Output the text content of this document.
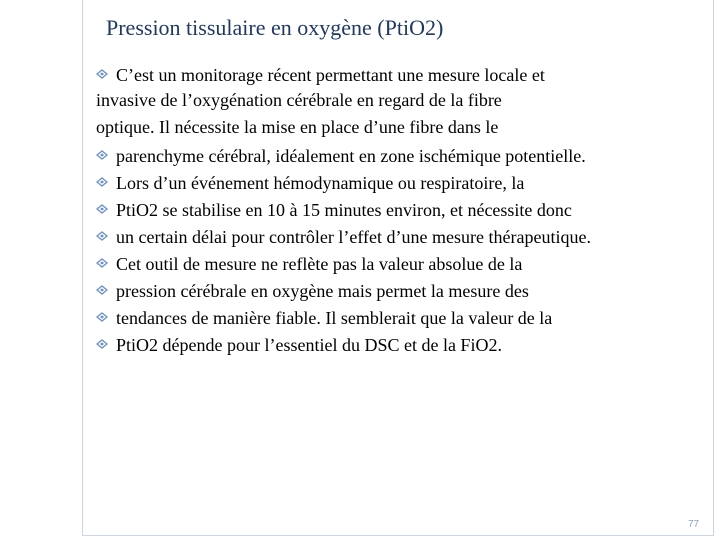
Pression tissulaire en oxygène (PtiO2)
C’est un monitorage récent permettant une mesure locale et
invasive de l’oxygénation cérébrale en regard de la fibre
optique. Il nécessite la mise en place d’une fibre dans le
parenchyme cérébral, idéalement en zone ischémique potentielle.
Lors d’un événement hémodynamique ou respiratoire, la
PtiO2 se stabilise en 10 à 15 minutes environ, et nécessite donc
un certain délai pour contrôler l’effet d’une mesure thérapeutique.
Cet outil de mesure ne reflète pas la valeur absolue de la
pression cérébrale en oxygène mais permet la mesure des
tendances de manière fiable. Il semblerait que la valeur de la
PtiO2 dépende pour l’essentiel du DSC et de la FiO2.
77
